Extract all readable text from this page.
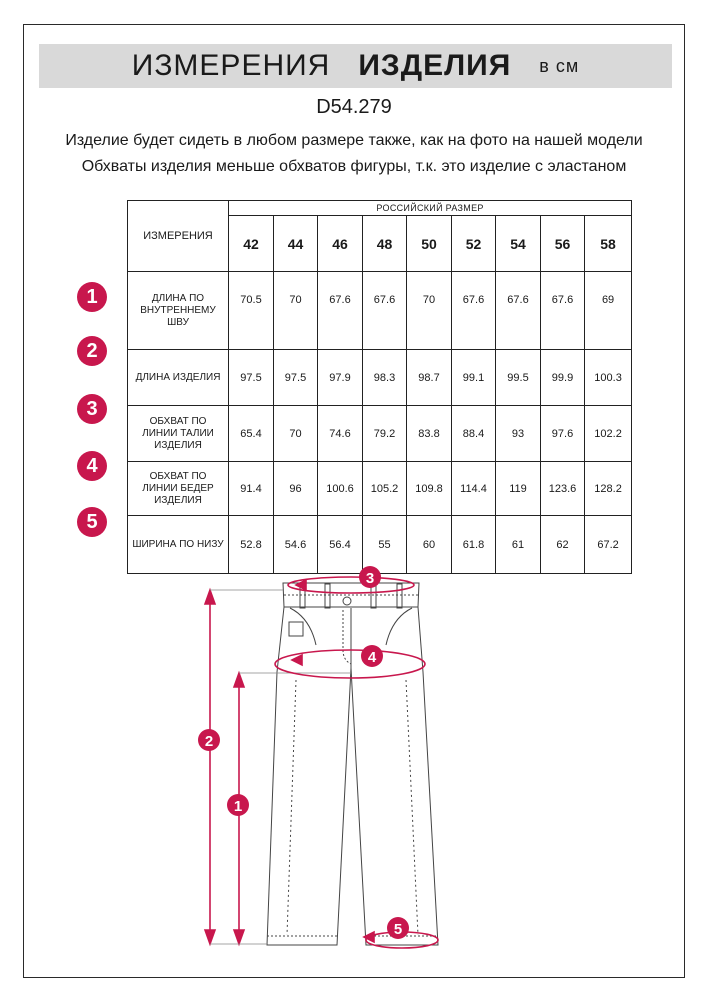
ИЗМЕРЕНИЯ ИЗДЕЛИЯ в см
D54.279
Изделие будет сидеть в любом размере также, как на фото на нашей модели
Обхваты изделия меньше обхватов фигуры, т.к. это изделие с эластаном
ИЗМЕРЕНИЯ	РОССИЙСКИЙ РАЗМЕР								
	42	44	46	48	50	52	54	56	58
ДЛИНА ПО ВНУТРЕННЕМУ ШВУ	70.5	70	67.6	67.6	70	67.6	67.6	67.6	69
ДЛИНА ИЗДЕЛИЯ	97.5	97.5	97.9	98.3	98.7	99.1	99.5	99.9	100.3
ОБХВАТ ПО ЛИНИИ ТАЛИИ ИЗДЕЛИЯ	65.4	70	74.6	79.2	83.8	88.4	93	97.6	102.2
ОБХВАТ ПО ЛИНИИ БЕДЕР ИЗДЕЛИЯ	91.4	96	100.6	105.2	109.8	114.4	119	123.6	128.2
ШИРИНА ПО НИЗУ	52.8	54.6	56.4	55	60	61.8	61	62	67.2
1
2
3
4
5
3
4
2
1
5
